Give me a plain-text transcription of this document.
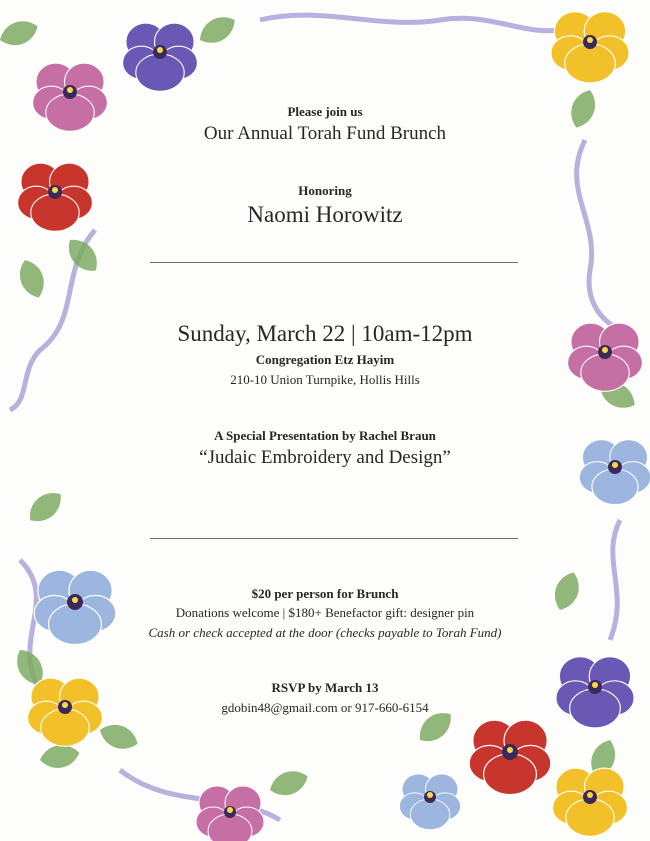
Please join us
Our Annual Torah Fund Brunch
Honoring
Naomi Horowitz
Sunday, March 22 | 10am-12pm
Congregation Etz Hayim
210-10 Union Turnpike, Hollis Hills
A Special Presentation by Rachel Braun
“Judaic Embroidery and Design”
$20 per person for Brunch
Donations welcome | $180+ Benefactor gift: designer pin
Cash or check accepted at the door (checks payable to Torah Fund)
RSVP by March 13
gdobin48@gmail.com or 917-660-6154
